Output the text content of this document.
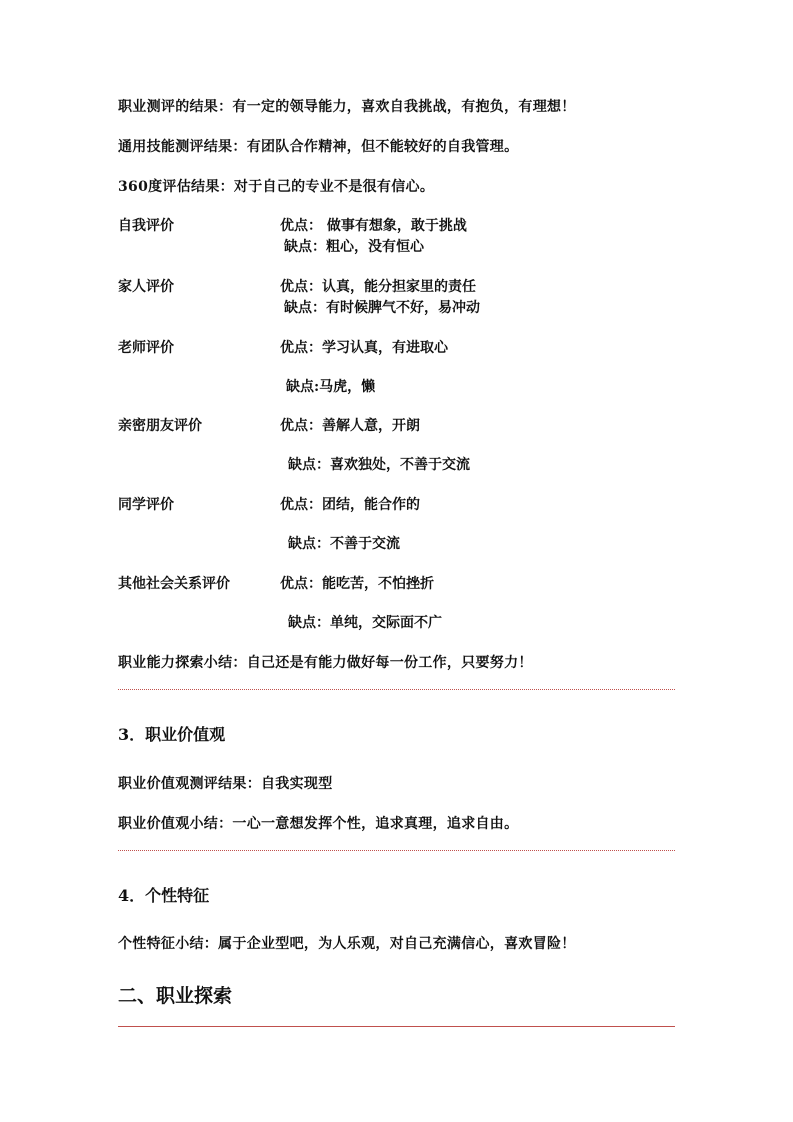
职业测评的结果：有一定的领导能力，喜欢自我挑战，有抱负，有理想！
通用技能测评结果：有团队合作精神，但不能较好的自我管理。
360度评估结果：对于自己的专业不是很有信心。
自我评价	优点： 做事有想象，敢于挑战
缺点：粗心，没有恒心
家人评价	优点：认真，能分担家里的责任
缺点：有时候脾气不好，易冲动
老师评价	优点：学习认真，有进取心
缺点:马虎，懒
亲密朋友评价	优点：善解人意，开朗
缺点：喜欢独处，不善于交流
同学评价	优点：团结，能合作的
缺点：不善于交流
其他社会关系评价	优点：能吃苦，不怕挫折
缺点：单纯，交际面不广
职业能力探索小结：自己还是有能力做好每一份工作，只要努力！
3．职业价值观
职业价值观测评结果：自我实现型
职业价值观小结：一心一意想发挥个性，追求真理，追求自由。
4．个性特征
个性特征小结：属于企业型吧，为人乐观，对自己充满信心，喜欢冒险！
二、职业探索
